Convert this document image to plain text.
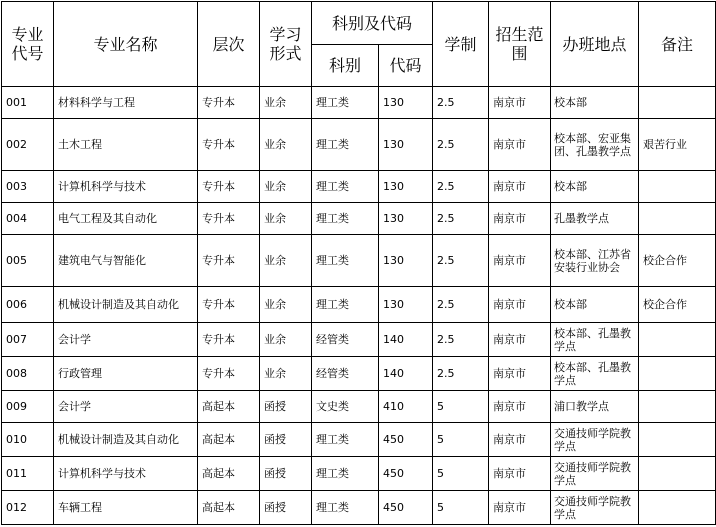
专业代号	专业名称	层次	学习形式	科别及代码		学制	招生范围	办班地点	备注
				科别	代码				
001	材料科学与工程	专升本	业余	理工类	130	2.5	南京市	校本部	
002	土木工程	专升本	业余	理工类	130	2.5	南京市	校本部、宏亚集团、孔墨教学点	艰苦行业
003	计算机科学与技术	专升本	业余	理工类	130	2.5	南京市	校本部	
004	电气工程及其自动化	专升本	业余	理工类	130	2.5	南京市	孔墨教学点	
005	建筑电气与智能化	专升本	业余	理工类	130	2.5	南京市	校本部、江苏省安装行业协会	校企合作
006	机械设计制造及其自动化	专升本	业余	理工类	130	2.5	南京市	校本部	校企合作
007	会计学	专升本	业余	经管类	140	2.5	南京市	校本部、孔墨教学点	
008	行政管理	专升本	业余	经管类	140	2.5	南京市	校本部、孔墨教学点	
009	会计学	高起本	函授	文史类	410	5	南京市	浦口教学点	
010	机械设计制造及其自动化	高起本	函授	理工类	450	5	南京市	交通技师学院教学点	
011	计算机科学与技术	高起本	函授	理工类	450	5	南京市	交通技师学院教学点	
012	车辆工程	高起本	函授	理工类	450	5	南京市	交通技师学院教学点	
